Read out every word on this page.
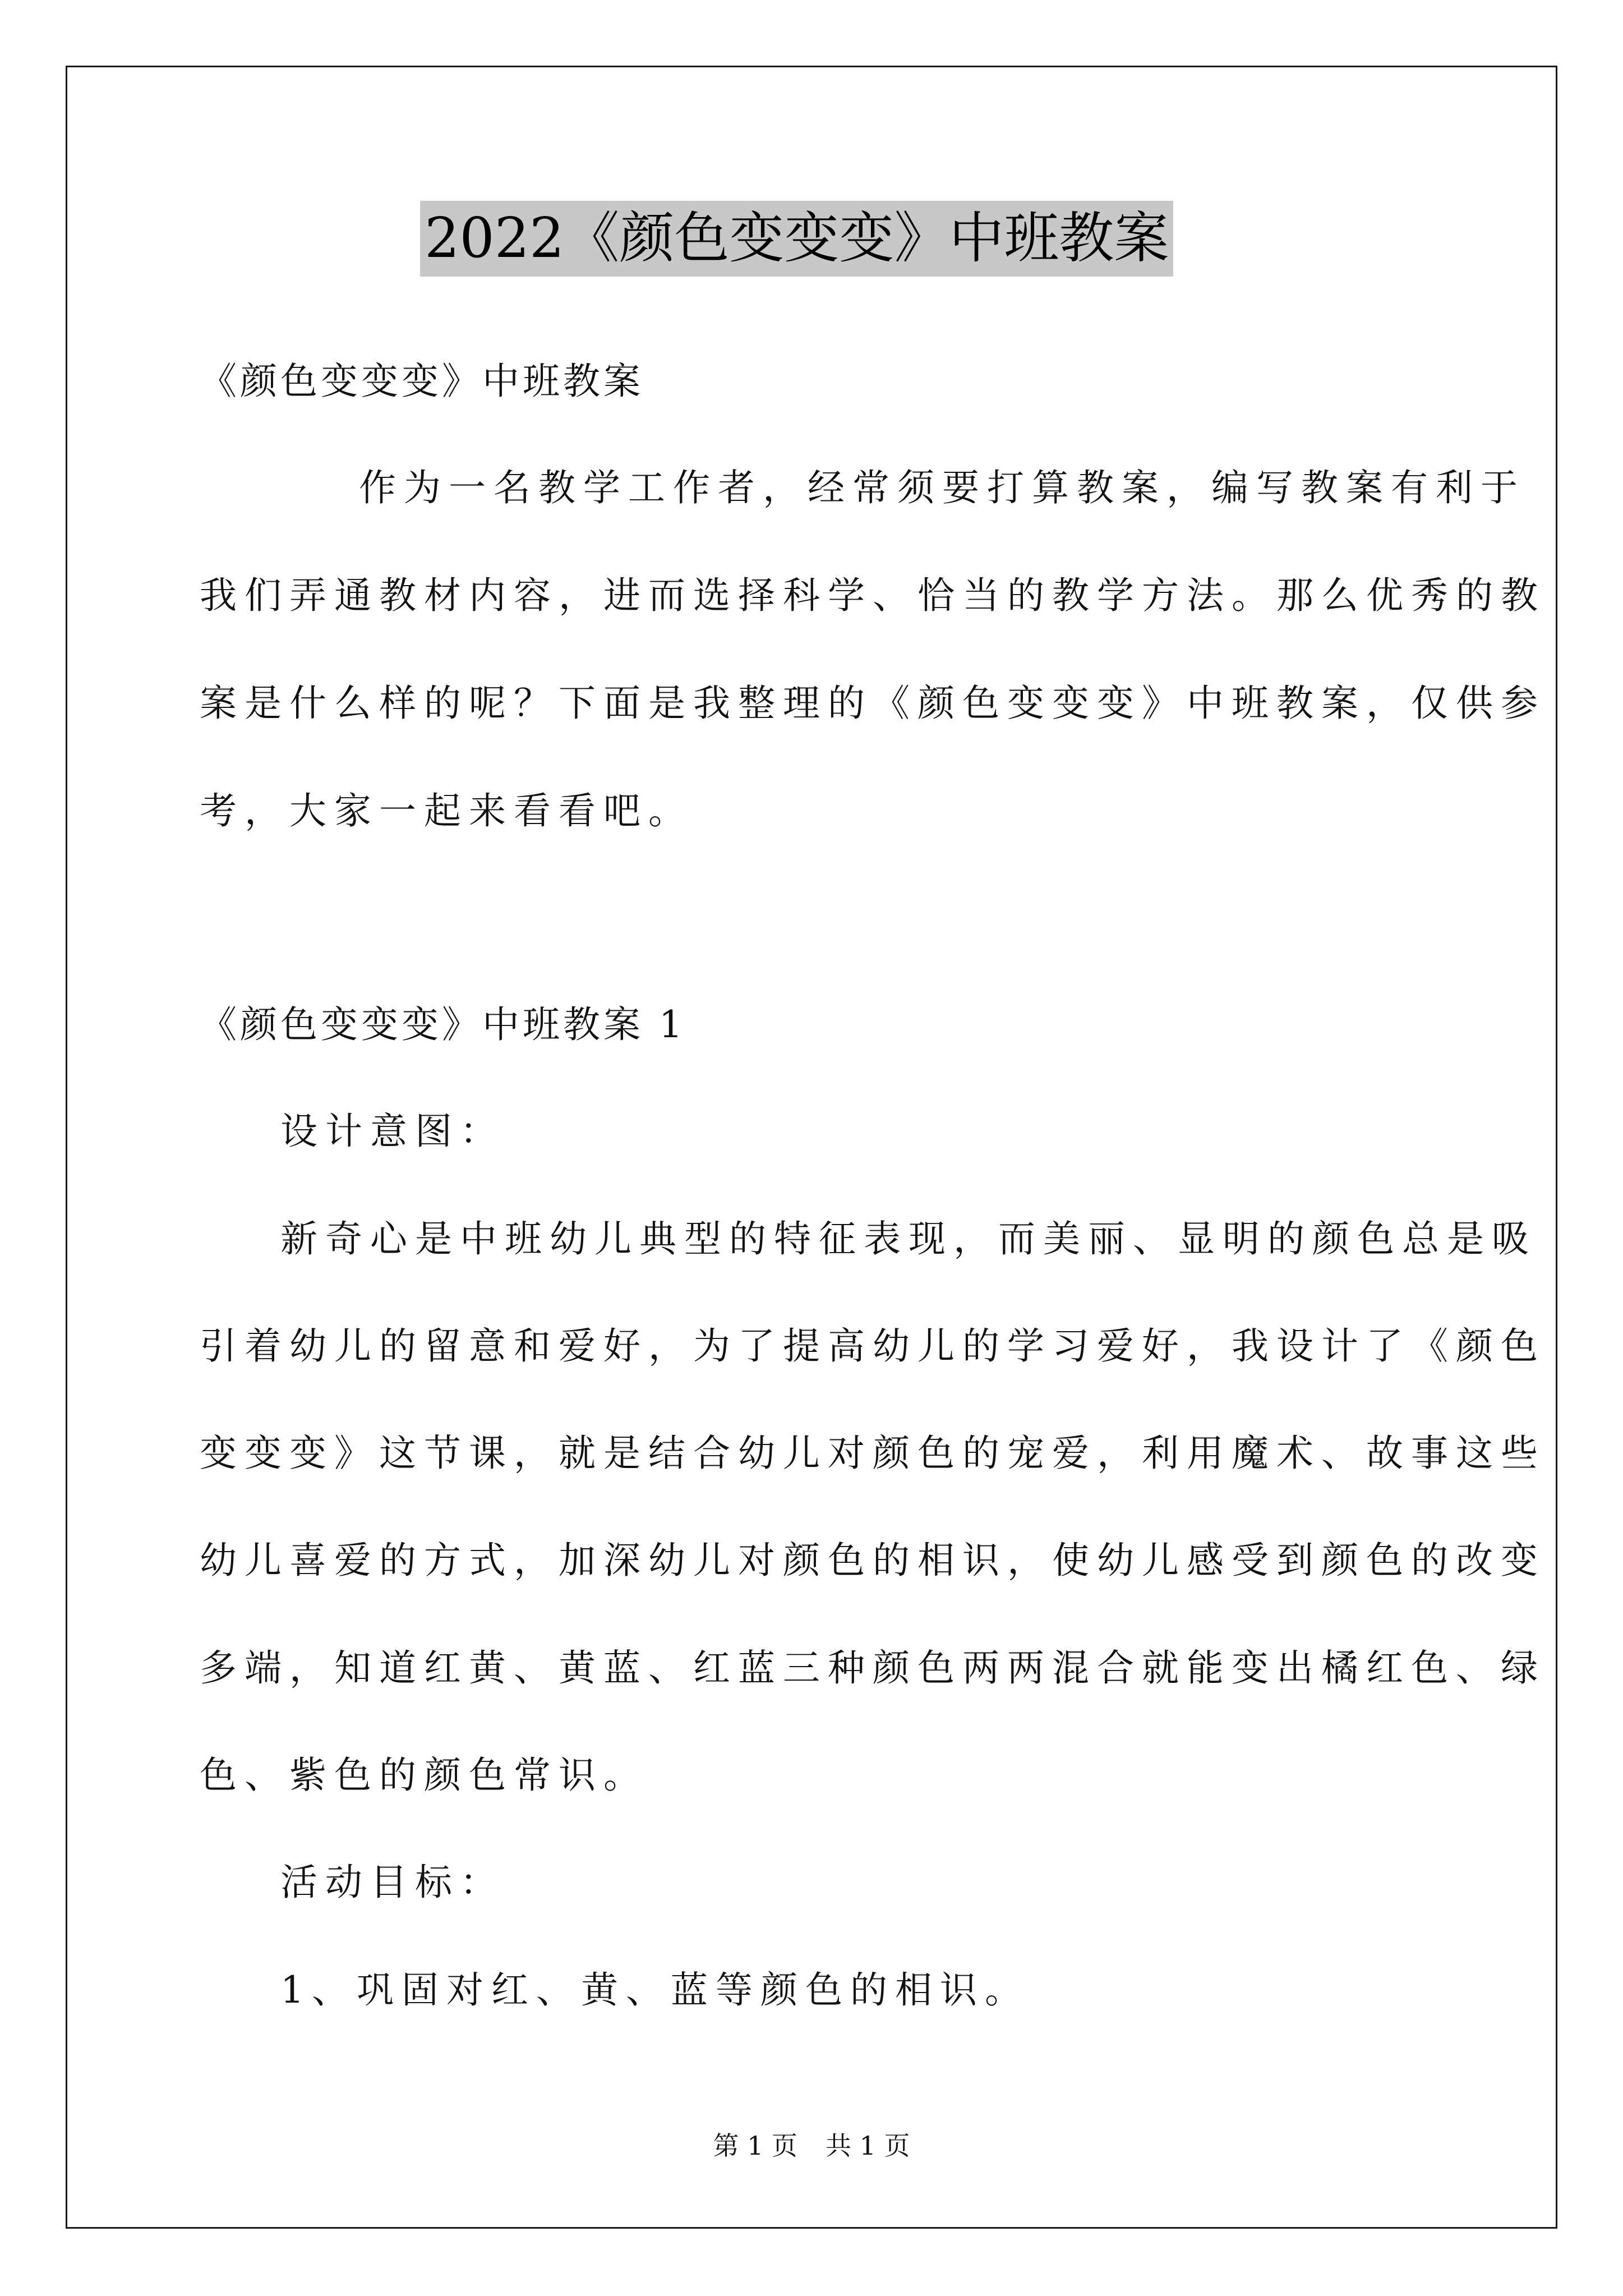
2022《颜色变变变》中班教案
《颜色变变变》中班教案
作为一名教学工作者，经常须要打算教案，编写教案有利于
我们弄通教材内容，进而选择科学、恰当的教学方法。那么优秀的教
案是什么样的呢？下面是我整理的《颜色变变变》中班教案，仅供参
考，大家一起来看看吧。
《颜色变变变》中班教案 1
设计意图：
新奇心是中班幼儿典型的特征表现，而美丽、显明的颜色总是吸
引着幼儿的留意和爱好，为了提高幼儿的学习爱好，我设计了《颜色
变变变》这节课，就是结合幼儿对颜色的宠爱，利用魔术、故事这些
幼儿喜爱的方式，加深幼儿对颜色的相识，使幼儿感受到颜色的改变
多端，知道红黄、黄蓝、红蓝三种颜色两两混合就能变出橘红色、绿
色、紫色的颜色常识。
活动目标：
1、巩固对红、黄、蓝等颜色的相识。
第 1 页 共 1 页
